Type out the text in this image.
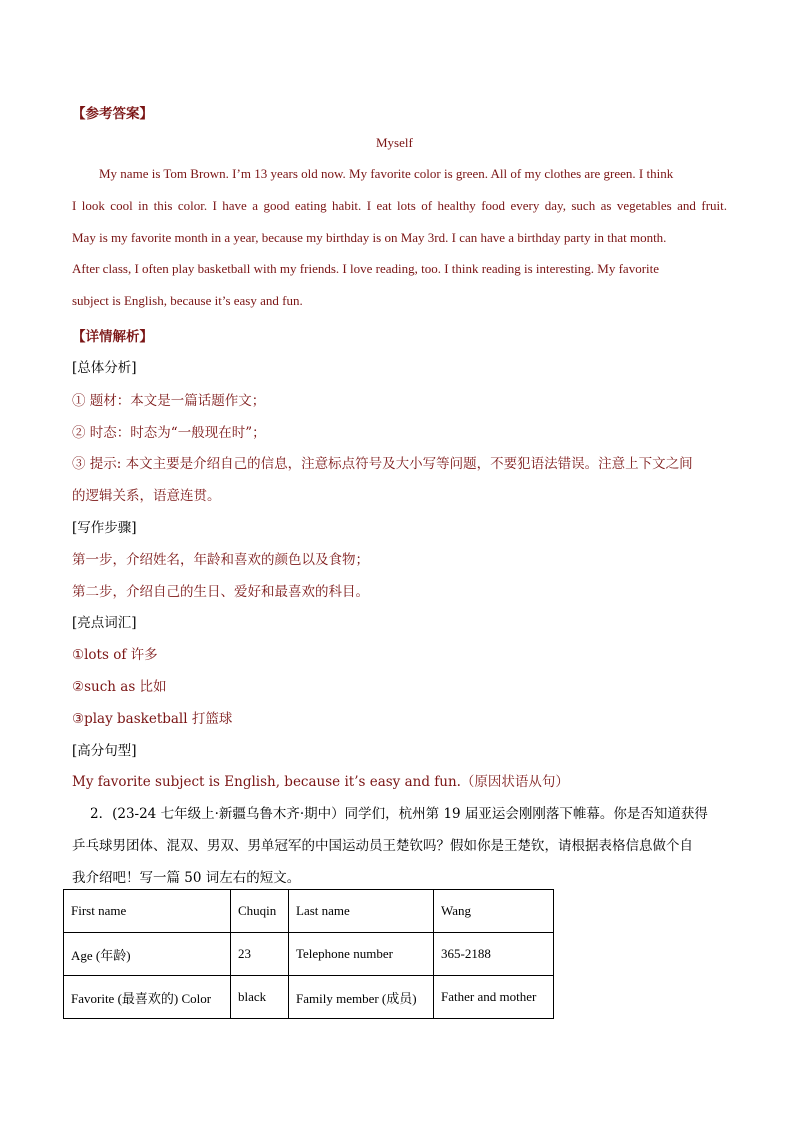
【参考答案】
Myself
My name is Tom Brown. I’m 13 years old now. My favorite color is green. All of my clothes are green. I think
I look cool in this color. I have a good eating habit. I eat lots of healthy food every day, such as vegetables and fruit.
May is my favorite month in a year, because my birthday is on May 3rd. I can have a birthday party in that month.
After class, I often play basketball with my friends. I love reading, too. I think reading is interesting. My favorite
subject is English, because it’s easy and fun.
【详情解析】
[总体分析]
① 题材：本文是一篇话题作文；
② 时态：时态为“一般现在时”；
③ 提示: 本文主要是介绍自己的信息，注意标点符号及大小写等问题，不要犯语法错误。注意上下文之间
的逻辑关系，语意连贯。
[写作步骤]
第一步，介绍姓名，年龄和喜欢的颜色以及食物；
第二步，介绍自己的生日、爱好和最喜欢的科目。
[亮点词汇]
①lots of 许多
②such as 比如
③play basketball 打篮球
[高分句型]
My favorite subject is English, because it’s easy and fun.（原因状语从句）
2．(23-24 七年级上·新疆乌鲁木齐·期中）同学们，杭州第 19 届亚运会刚刚落下帷幕。你是否知道获得
乒乓球男团体、混双、男双、男单冠军的中国运动员王楚钦吗？假如你是王楚钦，请根据表格信息做个自
我介绍吧！写一篇 50 词左右的短文。
First name	Chuqin	Last name	Wang
Age (年龄)	23	Telephone number	365-2188
Favorite (最喜欢的) Color	black	Family member (成员)	Father and mother
